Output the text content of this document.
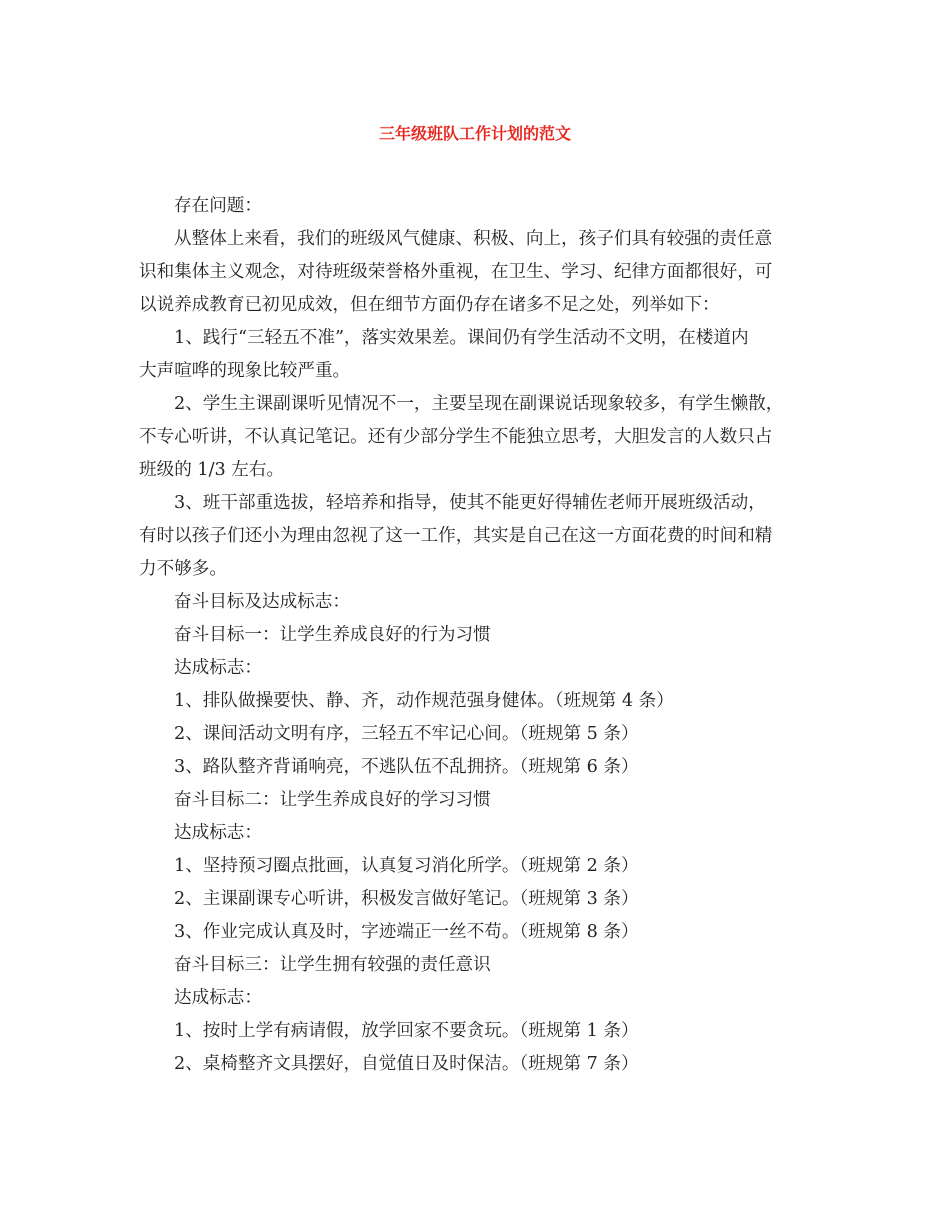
三年级班队工作计划的范文
存在问题：
从整体上来看，我们的班级风气健康、积极、向上，孩子们具有较强的责任意
识和集体主义观念，对待班级荣誉格外重视，在卫生、学习、纪律方面都很好，可
以说养成教育已初见成效，但在细节方面仍存在诸多不足之处，列举如下：
1、践行“三轻五不准”，落实效果差。课间仍有学生活动不文明，在楼道内
大声喧哗的现象比较严重。
2、学生主课副课听见情况不一，主要呈现在副课说话现象较多，有学生懒散，
不专心听讲，不认真记笔记。还有少部分学生不能独立思考，大胆发言的人数只占
班级的 1/3 左右。
3、班干部重选拔，轻培养和指导，使其不能更好得辅佐老师开展班级活动，
有时以孩子们还小为理由忽视了这一工作，其实是自己在这一方面花费的时间和精
力不够多。
奋斗目标及达成标志：
奋斗目标一：让学生养成良好的行为习惯
达成标志：
1、排队做操要快、静、齐，动作规范强身健体。（班规第 4 条）
2、课间活动文明有序，三轻五不牢记心间。（班规第 5 条）
3、路队整齐背诵响亮，不逃队伍不乱拥挤。（班规第 6 条）
奋斗目标二：让学生养成良好的学习习惯
达成标志：
1、坚持预习圈点批画，认真复习消化所学。（班规第 2 条）
2、主课副课专心听讲，积极发言做好笔记。（班规第 3 条）
3、作业完成认真及时，字迹端正一丝不苟。（班规第 8 条）
奋斗目标三：让学生拥有较强的责任意识
达成标志：
1、按时上学有病请假，放学回家不要贪玩。（班规第 1 条）
2、桌椅整齐文具摆好，自觉值日及时保洁。（班规第 7 条）
